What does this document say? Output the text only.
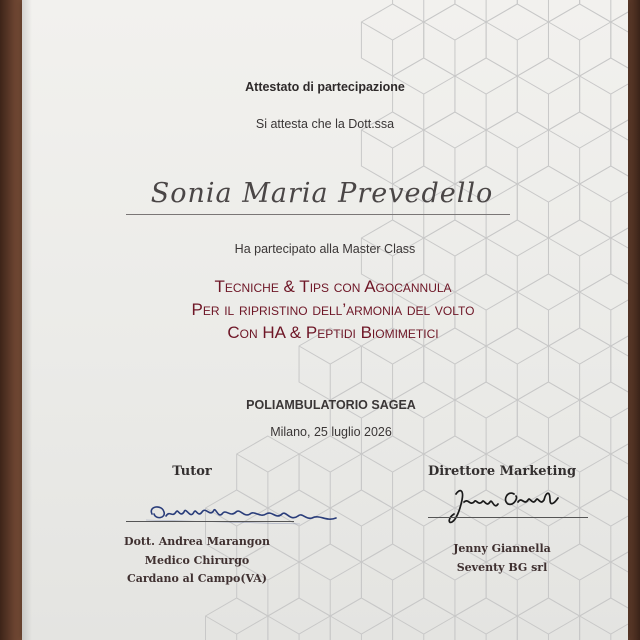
Attestato di partecipazione
Si attesta che la Dott.ssa
Sonia Maria Prevedello
Ha partecipato alla Master Class
Tecniche & Tips con Agocannula
Per il ripristino dell’armonia del volto
Con HA & Peptidi Biomimetici
POLIAMBULATORIO SAGEA
Milano, 25 luglio 2026
Tutor
Dott. Andrea Marangon
Medico Chirurgo
Cardano al Campo(VA)
Direttore Marketing
Jenny Giannella
Seventy BG srl
